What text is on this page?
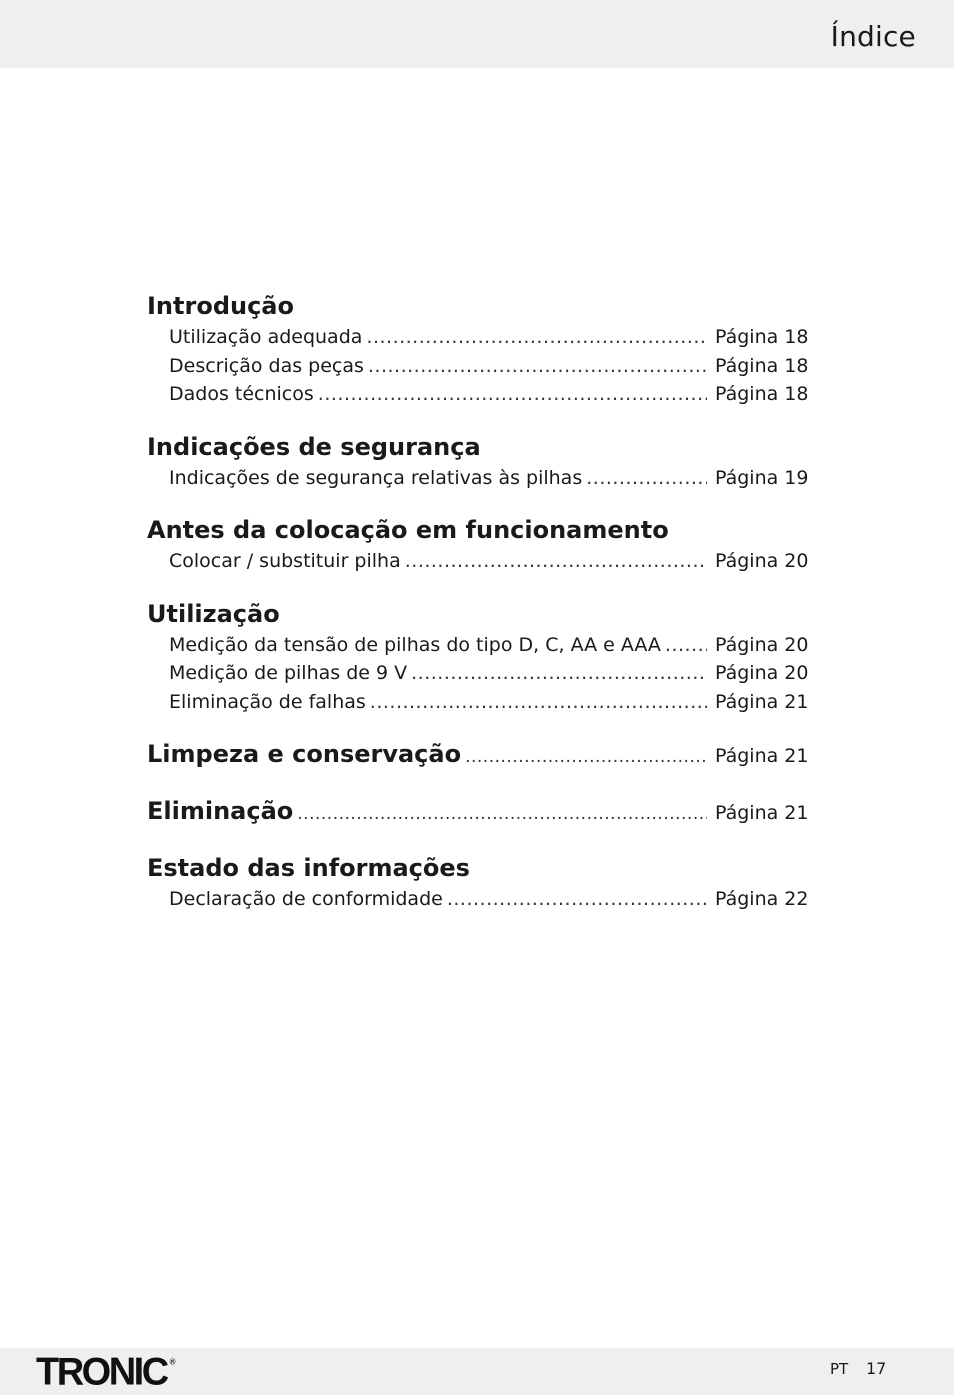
Índice
Introdução
Utilização adequada .....	Página 18
Descrição das peças .....	Página 18
Dados técnicos .....	Página 18
Indicações de segurança
Indicações de segurança relativas às pilhas .....	Página 19
Antes da colocação em funcionamento
Colocar / substituir pilha .....	Página 20
Utilização
Medição da tensão de pilhas do tipo D, C, AA e AAA .....	Página 20
Medição de pilhas de 9 V .....	Página 20
Eliminação de falhas .....	Página 21
Limpeza e conservação .....	Página 21
Eliminação .....	Página 21
Estado das informações
Declaração de conformidade .....	Página 22
TRONIC ®	PT 17
